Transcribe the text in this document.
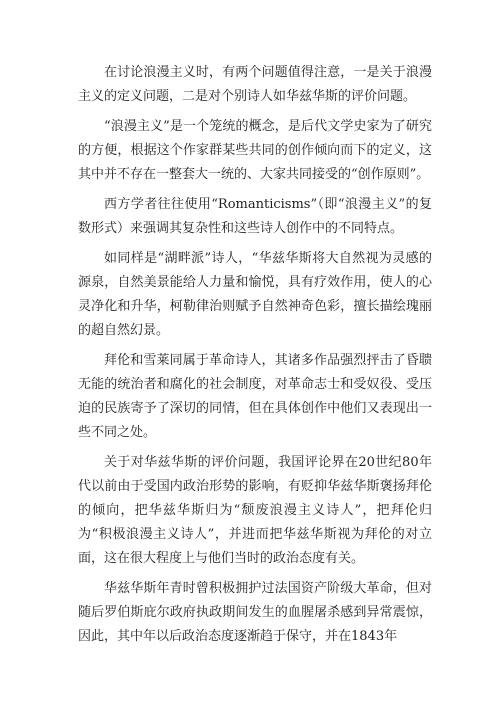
在讨论浪漫主义时，有两个问题值得注意，一是关于浪漫主义的定义问题，二是对个别诗人如华兹华斯的评价问题。

“浪漫主义”是一个笼统的概念，是后代文学史家为了研究的方便，根据这个作家群某些共同的创作倾向而下的定义，这其中并不存在一整套大一统的、大家共同接受的“创作原则”。

西方学者往往使用“Romanticisms”（即“浪漫主义”的复数形式）来强调其复杂性和这些诗人创作中的不同特点。

如同样是“湖畔派”诗人，“华兹华斯将大自然视为灵感的源泉，自然美景能给人力量和愉悦，具有疗效作用，使人的心灵净化和升华，柯勒律治则赋予自然神奇色彩，擅长描绘瑰丽的超自然幻景。

拜伦和雪莱同属于革命诗人，其诸多作品强烈抨击了昏聩无能的统治者和腐化的社会制度，对革命志士和受奴役、受压迫的民族寄予了深切的同情，但在具体创作中他们又表现出一些不同之处。

关于对华兹华斯的评价问题，我国评论界在20世纪80年代以前由于受国内政治形势的影响，有贬抑华兹华斯褒扬拜伦的倾向，把华兹华斯归为“颓废浪漫主义诗人”，把拜伦归为“积极浪漫主义诗人”，并进而把华兹华斯视为拜伦的对立面，这在很大程度上与他们当时的政治态度有关。

华兹华斯年青时曾积极拥护过法国资产阶级大革命，但对随后罗伯斯庇尔政府执政期间发生的血腥屠杀感到异常震惊，因此，其中年以后政治态度逐渐趋于保守，并在1843年
